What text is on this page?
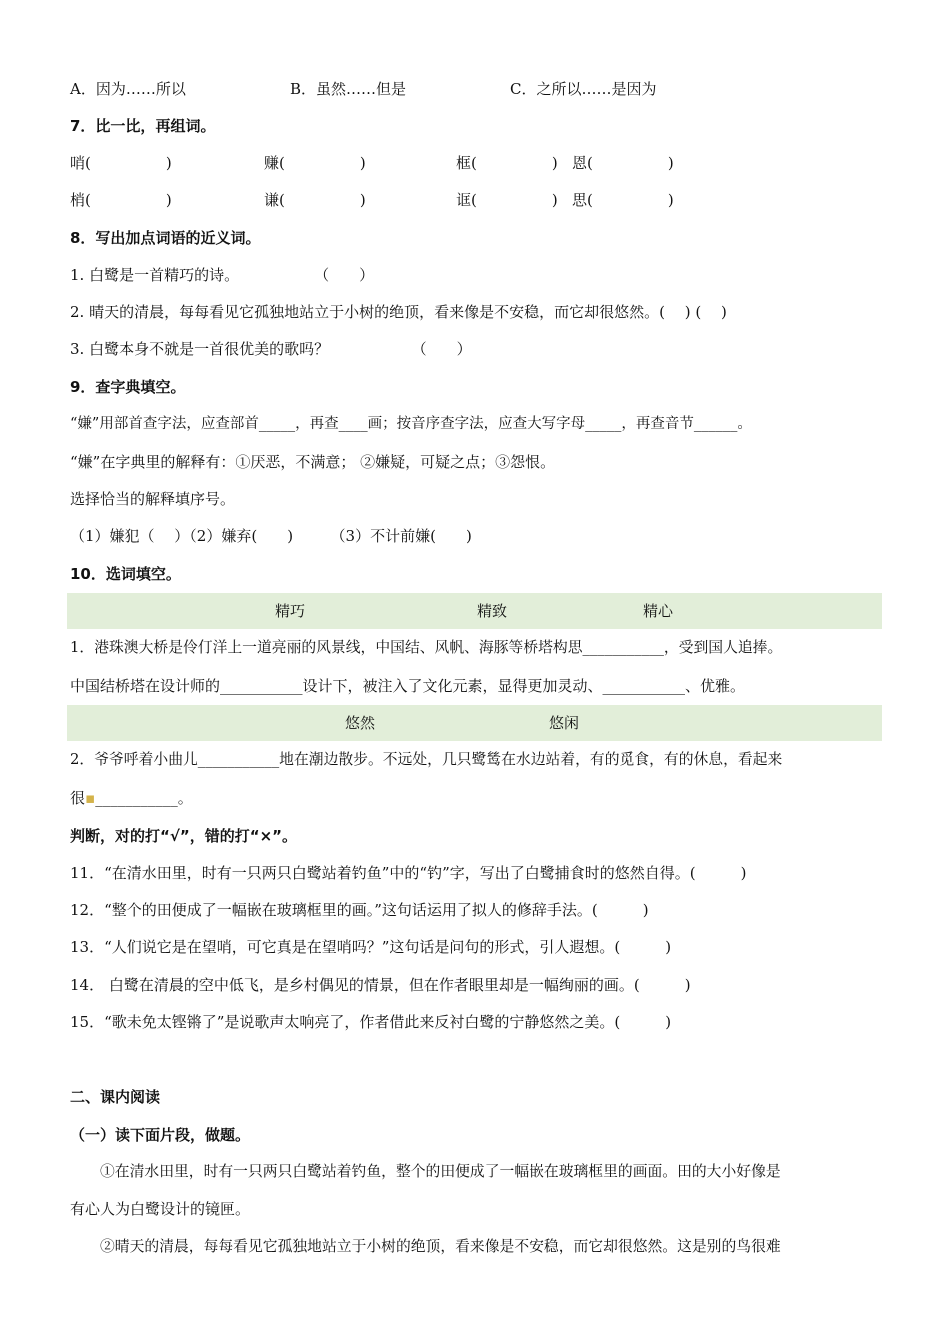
A．因为……所以	B．虽然……但是	C．之所以……是因为
7．比一比，再组词。
哨(　　　　　)	赚(　　　　　)	框(　　　　　) 恩(　　　　　)
梢(　　　　　)	谦(　　　　　)	诓(　　　　　) 思(　　　　　)
8．写出加点词语的近义词。
1. 白鹭是一首精巧的诗。　　　　　　（　　）
2. 晴天的清晨，每每看见它孤独地站立于小树的绝顶，看来像是不安稳，而它却很悠然。(　 ) (　 )
3. 白鹭本身不就是一首很优美的歌吗？　　　　　　（　　）
9．查字典填空。
“嫌”用部首查字法，应查部首_____，再查____画；按音序查字法，应查大写字母_____，再查音节______。
“嫌”在字典里的解释有：①厌恶，不满意； ②嫌疑，可疑之点；③怨恨。
选择恰当的解释填序号。
（1）嫌犯（　 ）（2）嫌弃(　　)　　　（3）不计前嫌(　　)
10．选词填空。
精巧	精致	精心
1．港珠澳大桥是伶仃洋上一道亮丽的风景线，中国结、风帆、海豚等桥塔构思___________，受到国人追捧。
中国结桥塔在设计师的___________设计下，被注入了文化元素，显得更加灵动、___________、优雅。
悠然	悠闲
2．爷爷呼着小曲儿___________地在潮边散步。不远处，几只鹭鸶在水边站着，有的觅食，有的休息，看起来
很▪___________。
判断，对的打“√”，错的打“×”。
11．“在清水田里，时有一只两只白鹭站着钓鱼”中的“钓”字，写出了白鹭捕食时的悠然自得。(　　　)
12．“整个的田便成了一幅嵌在玻璃框里的画。”这句话运用了拟人的修辞手法。(　　　)
13．“人们说它是在望哨，可它真是在望哨吗？”这句话是问句的形式，引人遐想。(　　　)
14． 白鹭在清晨的空中低飞，是乡村偶见的情景，但在作者眼里却是一幅绚丽的画。(　　　)
15．“歌未免太铿锵了”是说歌声太响亮了，作者借此来反衬白鹭的宁静悠然之美。(　　　)
二、课内阅读
（一）读下面片段，做题。
①在清水田里，时有一只两只白鹭站着钓鱼，整个的田便成了一幅嵌在玻璃框里的画面。田的大小好像是
有心人为白鹭设计的镜匣。
②晴天的清晨，每每看见它孤独地站立于小树的绝顶，看来像是不安稳，而它却很悠然。这是别的鸟很难
